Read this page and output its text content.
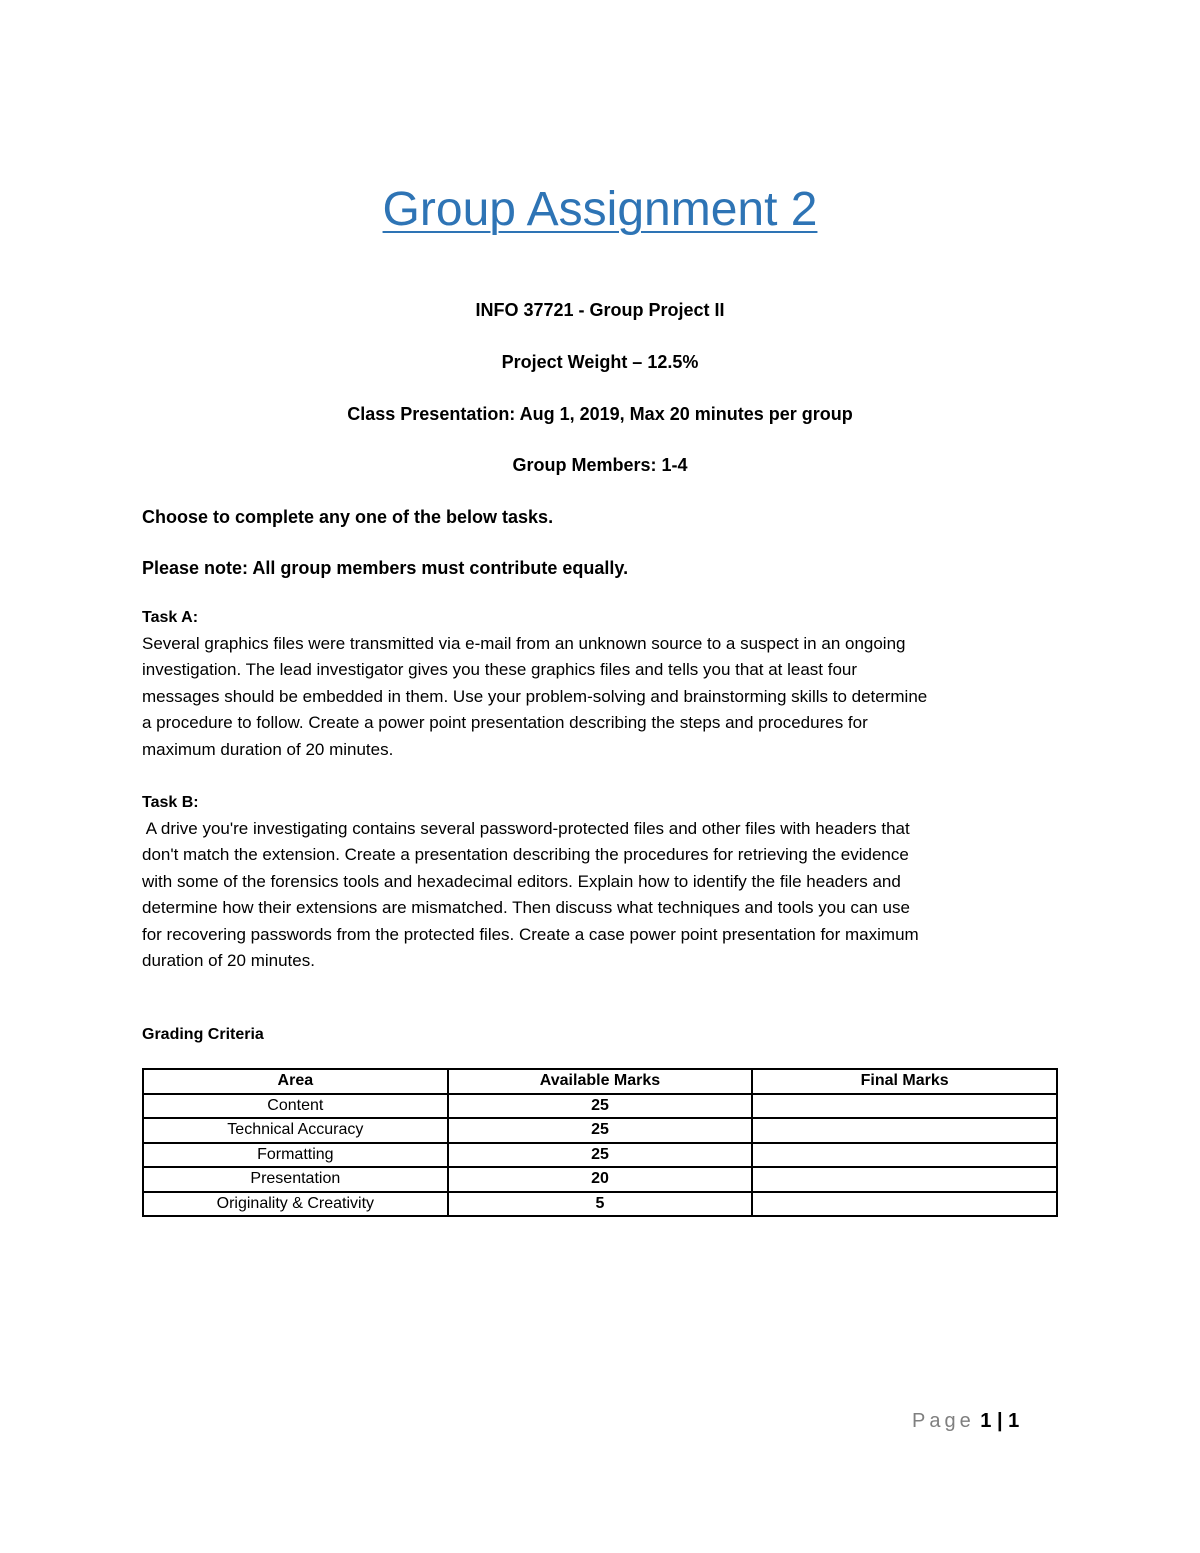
Group Assignment 2
INFO 37721 - Group Project II
Project Weight – 12.5%
Class Presentation: Aug 1, 2019, Max 20 minutes per group
Group Members: 1-4
Choose to complete any one of the below tasks.
Please note: All group members must contribute equally.
Task A:

Several graphics files were transmitted via e-mail from an unknown source to a suspect in an ongoing

investigation. The lead investigator gives you these graphics files and tells you that at least four

messages should be embedded in them. Use your problem-solving and brainstorming skills to determine

a procedure to follow. Create a power point presentation describing the steps and procedures for

maximum duration of 20 minutes.

Task B:

A drive you're investigating contains several password-protected files and other files with headers that

don't match the extension. Create a presentation describing the procedures for retrieving the evidence

with some of the forensics tools and hexadecimal editors. Explain how to identify the file headers and

determine how their extensions are mismatched. Then discuss what techniques and tools you can use

for recovering passwords from the protected files. Create a case power point presentation for maximum

duration of 20 minutes.

Grading Criteria
Area	Available Marks	Final Marks
Content	25	
Technical Accuracy	25	
Formatting	25	
Presentation	20	
Originality & Creativity	5	
Page 1 | 1
